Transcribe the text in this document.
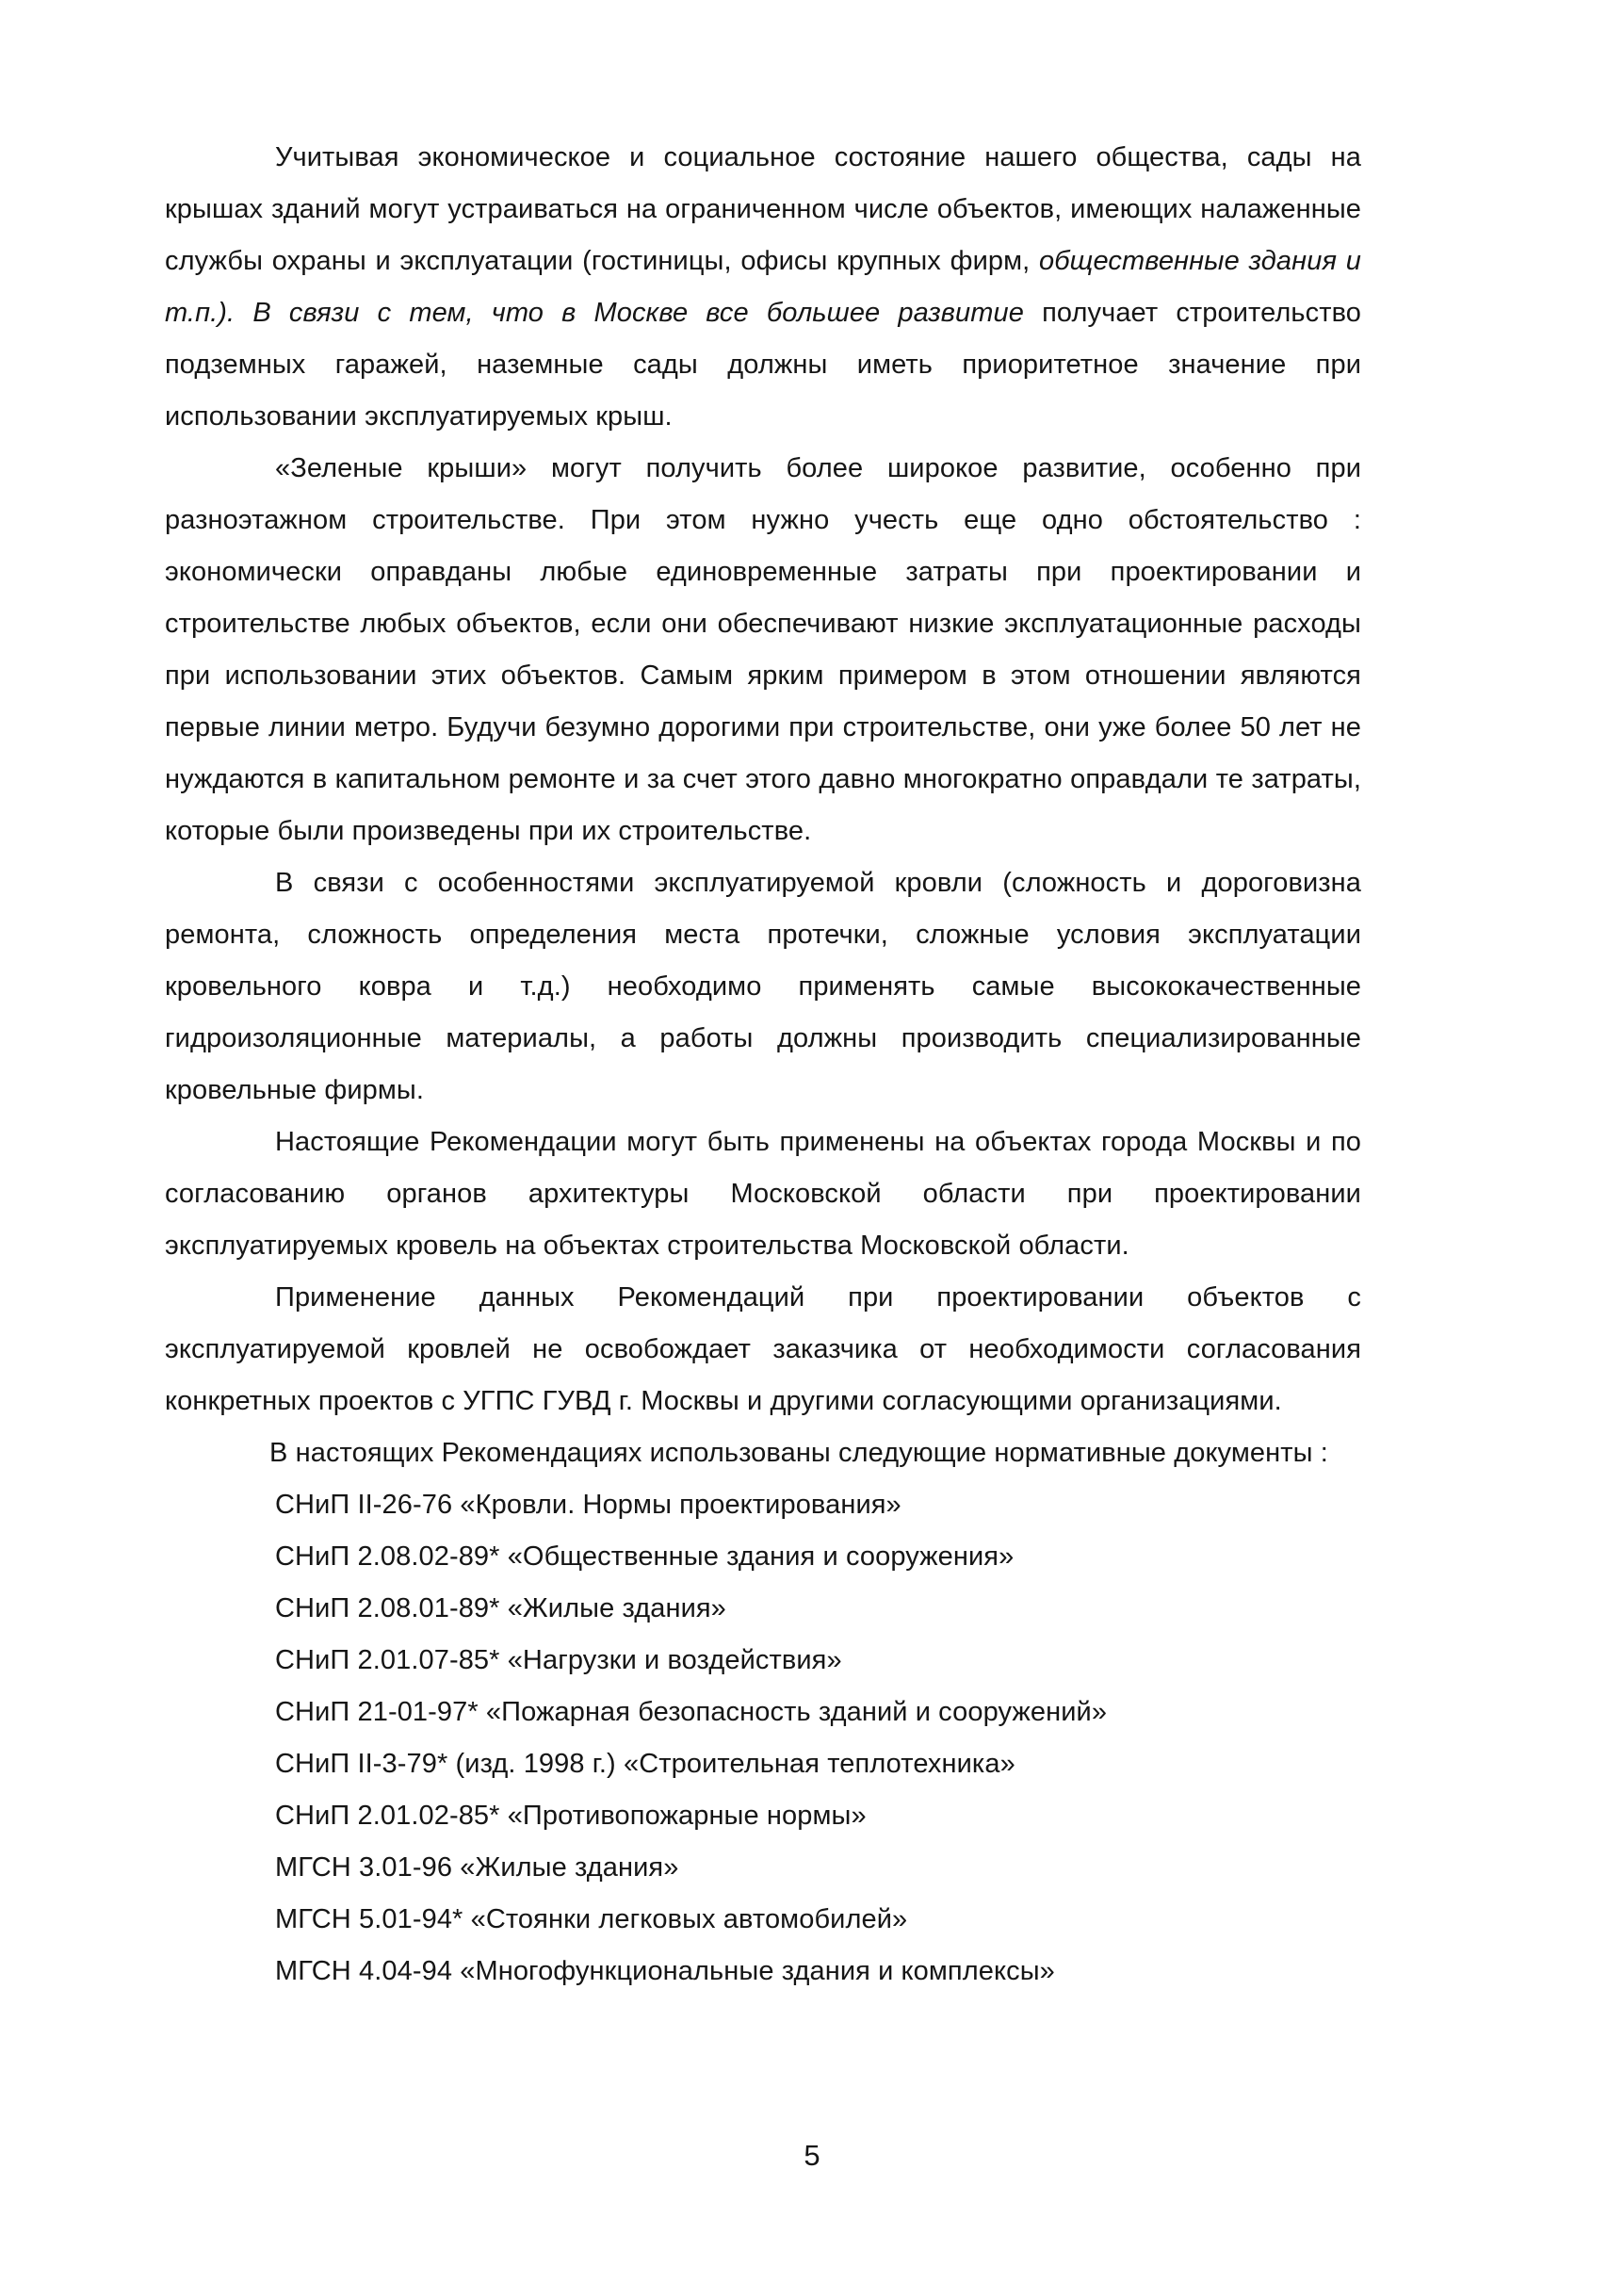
Учитывая экономическое и социальное состояние нашего общества, сады на крышах зданий могут устраиваться на ограниченном числе объектов, имеющих налаженные службы охраны и эксплуатации (гостиницы, офисы крупных фирм, общественные здания и т.п.). В связи с тем, что в Москве все большее развитие получает строительство подземных гаражей, наземные сады должны иметь приоритетное значение при использовании эксплуатируемых крыш.

«Зеленые крыши» могут получить более широкое развитие, особенно при разноэтажном строительстве. При этом нужно учесть еще одно обстоятельство : экономически оправданы любые единовременные затраты при проектировании и строительстве любых объектов, если они обеспечивают низкие эксплуатационные расходы при использовании этих объектов. Самым ярким примером в этом отношении являются первые линии метро. Будучи безумно дорогими при строительстве, они уже более 50 лет не нуждаются в капитальном ремонте и за счет этого давно многократно оправдали те затраты, которые были произведены при их строительстве.

В связи с особенностями эксплуатируемой кровли (сложность и дороговизна ремонта, сложность определения места протечки, сложные условия эксплуатации кровельного ковра и т.д.) необходимо применять самые высококачественные гидроизоляционные материалы, а работы должны производить специализированные кровельные фирмы.

Настоящие Рекомендации могут быть применены на объектах города Москвы и по согласованию органов архитектуры Московской области при проектировании эксплуатируемых кровель на объектах строительства Московской области.

Применение данных Рекомендаций при проектировании объектов с эксплуатируемой кровлей не освобождает заказчика от необходимости согласования конкретных проектов с УГПС ГУВД г. Москвы и другими согласующими организациями.

В настоящих Рекомендациях использованы следующие нормативные документы :

СНиП II-26-76 «Кровли. Нормы проектирования»
СНиП 2.08.02-89* «Общественные здания и сооружения»
СНиП 2.08.01-89* «Жилые здания»
СНиП 2.01.07-85* «Нагрузки и воздействия»
СНиП 21-01-97* «Пожарная безопасность зданий и сооружений»
СНиП II-3-79* (изд. 1998 г.) «Строительная теплотехника»
СНиП 2.01.02-85* «Противопожарные нормы»
МГСН 3.01-96 «Жилые здания»
МГСН 5.01-94* «Стоянки легковых автомобилей»
МГСН 4.04-94 «Многофункциональные здания и комплексы»
5
